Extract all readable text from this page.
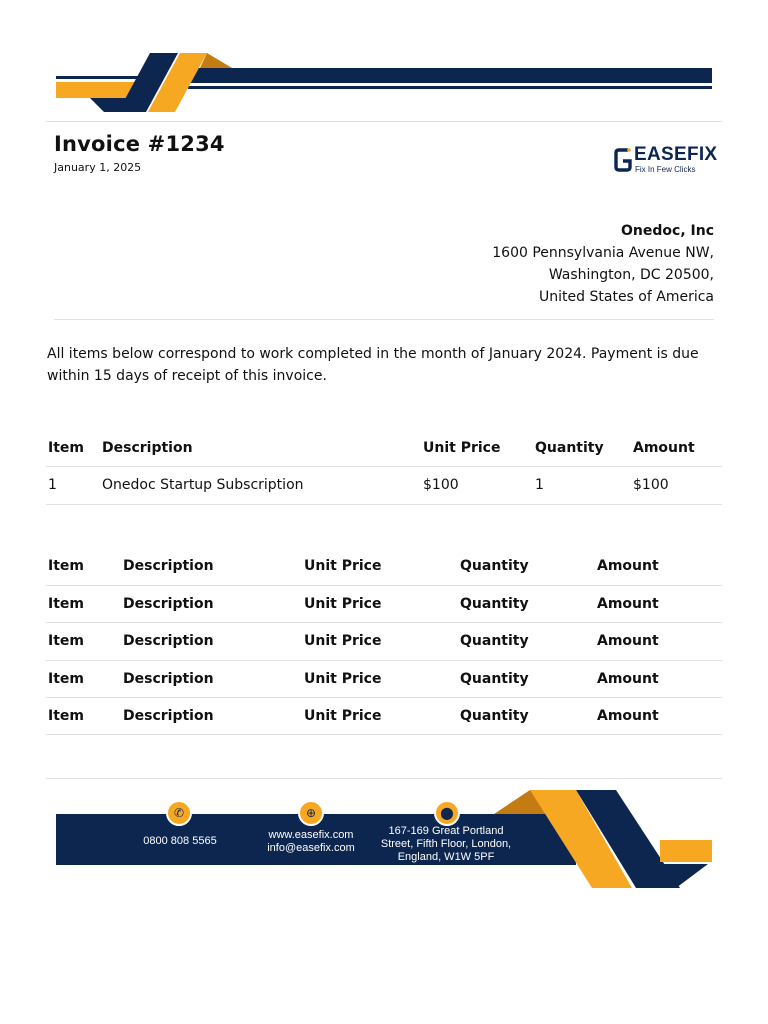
Invoice #1234
January 1, 2025
EASEFIX
Fix In Few Clicks
Onedoc, Inc
1600 Pennsylvania Avenue NW,
Washington, DC 20500,
United States of America

All items below correspond to work completed in the month of January 2024. Payment is due within 15 days of receipt of this invoice.

Item	Description	Unit Price	Quantity	Amount
1	Onedoc Startup Subscription	$100	1	$100
Item	Description	Unit Price	Quantity	Amount
Item	Description	Unit Price	Quantity	Amount
Item	Description	Unit Price	Quantity	Amount
Item	Description	Unit Price	Quantity	Amount
Item	Description	Unit Price	Quantity	Amount
✆	⊕	⬤
0800 808 5565	www.easefix.com
info@easefix.com
167-169 Great Portland
Street, Fifth Floor, London,
England, W1W 5PF
